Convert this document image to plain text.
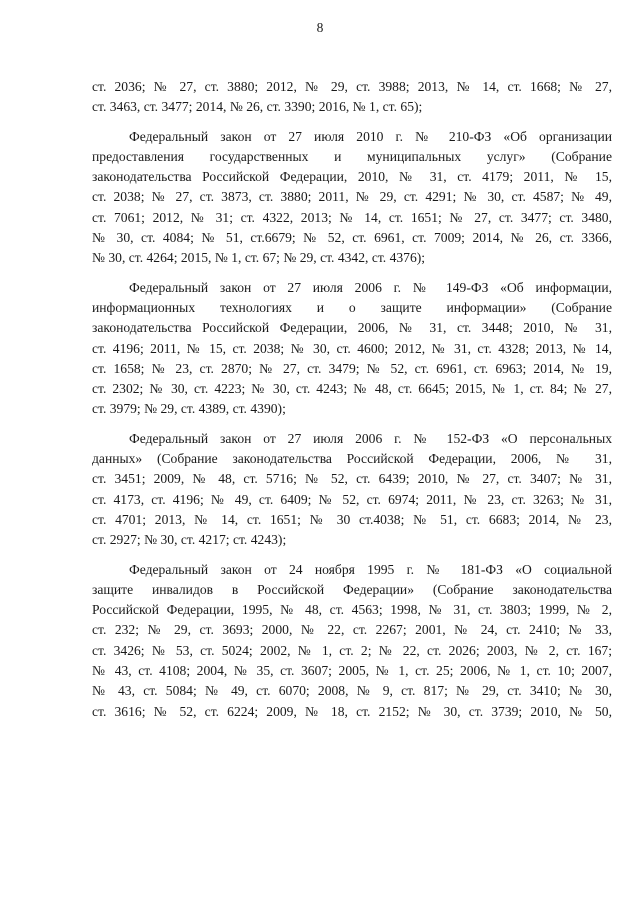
8

ст. 2036; № 27, ст. 3880; 2012, № 29, ст. 3988; 2013, № 14, ст. 1668; № 27,
ст. 3463, ст. 3477; 2014, № 26, ст. 3390; 2016, № 1, ст. 65);

Федеральный закон от 27 июля 2010 г. № 210-ФЗ «Об организации
предоставления государственных и муниципальных услуг» (Собрание
законодательства Российской Федерации, 2010, № 31, ст. 4179; 2011, № 15,
ст. 2038; № 27, ст. 3873, ст. 3880; 2011, № 29, ст. 4291; № 30, ст. 4587; № 49,
ст. 7061; 2012, № 31; ст. 4322, 2013; № 14, ст. 1651; № 27, ст. 3477; ст. 3480,
№ 30, ст. 4084; № 51, ст.6679; № 52, ст. 6961, ст. 7009; 2014, № 26, ст. 3366,
№ 30, ст. 4264; 2015, № 1, ст. 67; № 29, ст. 4342, ст. 4376);

Федеральный закон от 27 июля 2006 г. № 149-ФЗ «Об информации,
информационных технологиях и о защите информации» (Собрание
законодательства Российской Федерации, 2006, № 31, ст. 3448; 2010, № 31,
ст. 4196; 2011, № 15, ст. 2038; № 30, ст. 4600; 2012, № 31, ст. 4328; 2013, № 14,
ст. 1658; № 23, ст. 2870; № 27, ст. 3479; № 52, ст. 6961, ст. 6963; 2014, № 19,
ст. 2302; № 30, ст. 4223; № 30, ст. 4243; № 48, ст. 6645; 2015, № 1, ст. 84; № 27,
ст. 3979; № 29, ст. 4389, ст. 4390);

Федеральный закон от 27 июля 2006 г. № 152-ФЗ «О персональных
данных» (Собрание законодательства Российской Федерации, 2006, № 31,
ст. 3451; 2009, № 48, ст. 5716; № 52, ст. 6439; 2010, № 27, ст. 3407; № 31,
ст. 4173, ст. 4196; № 49, ст. 6409; № 52, ст. 6974; 2011, № 23, ст. 3263; № 31,
ст. 4701; 2013, № 14, ст. 1651; № 30 ст.4038; № 51, ст. 6683; 2014, № 23,
ст. 2927; № 30, ст. 4217; ст. 4243);

Федеральный закон от 24 ноября 1995 г. № 181-ФЗ «О социальной
защите инвалидов в Российской Федерации» (Собрание законодательства
Российской Федерации, 1995, № 48, ст. 4563; 1998, № 31, ст. 3803; 1999, № 2,
ст. 232; № 29, ст. 3693; 2000, № 22, ст. 2267; 2001, № 24, ст. 2410; № 33,
ст. 3426; № 53, ст. 5024; 2002, № 1, ст. 2; № 22, ст. 2026; 2003, № 2, ст. 167;
№ 43, ст. 4108; 2004, № 35, ст. 3607; 2005, № 1, ст. 25; 2006, № 1, ст. 10; 2007,
№ 43, ст. 5084; № 49, ст. 6070; 2008, № 9, ст. 817; № 29, ст. 3410; № 30,
ст. 3616; № 52, ст. 6224; 2009, № 18, ст. 2152; № 30, ст. 3739; 2010, № 50,
